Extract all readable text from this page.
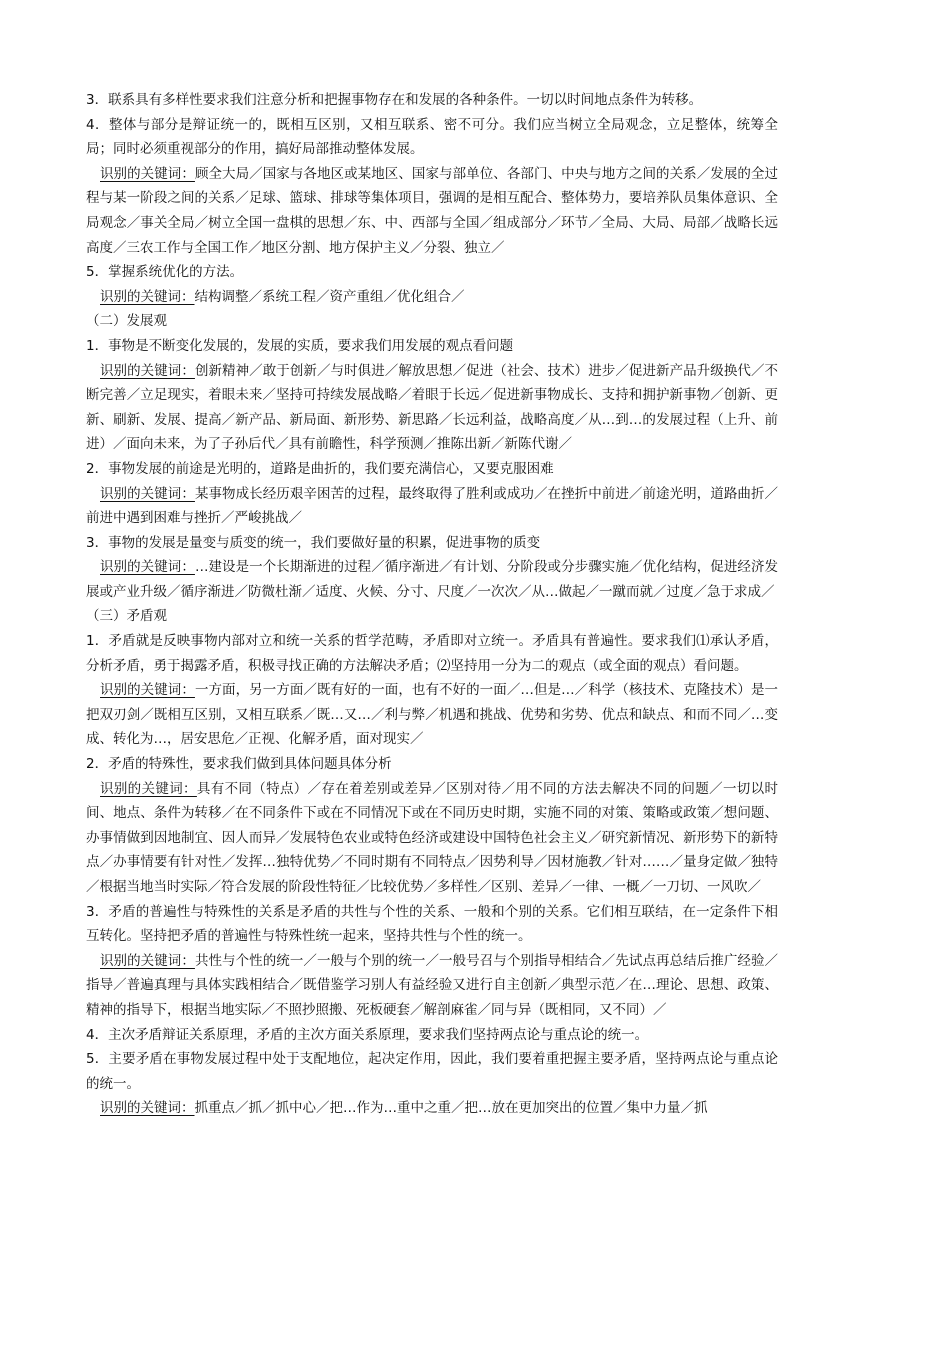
3．联系具有多样性要求我们注意分析和把握事物存在和发展的各种条件。一切以时间地点条件为转移。

4．整体与部分是辩证统一的，既相互区别，又相互联系、密不可分。我们应当树立全局观念，立足整体，统筹全局；同时必须重视部分的作用，搞好局部推动整体发展。

识别的关键词：顾全大局／国家与各地区或某地区、国家与部单位、各部门、中央与地方之间的关系／发展的全过程与某一阶段之间的关系／足球、篮球、排球等集体项目，强调的是相互配合、整体势力，要培养队员集体意识、全局观念／事关全局／树立全国一盘棋的思想／东、中、西部与全国／组成部分／环节／全局、大局、局部／战略长远高度／三农工作与全国工作／地区分割、地方保护主义／分裂、独立／

5．掌握系统优化的方法。

识别的关键词：结构调整／系统工程／资产重组／优化组合／

（二）发展观

1．事物是不断变化发展的，发展的实质，要求我们用发展的观点看问题

识别的关键词：创新精神／敢于创新／与时俱进／解放思想／促进（社会、技术）进步／促进新产品升级换代／不断完善／立足现实，着眼未来／坚持可持续发展战略／着眼于长远／促进新事物成长、支持和拥护新事物／创新、更新、刷新、发展、提高／新产品、新局面、新形势、新思路／长远利益，战略高度／从…到…的发展过程（上升、前进）／面向未来，为了子孙后代／具有前瞻性，科学预测／推陈出新／新陈代谢／

2．事物发展的前途是光明的，道路是曲折的，我们要充满信心，又要克服困难

识别的关键词：某事物成长经历艰辛困苦的过程，最终取得了胜利或成功／在挫折中前进／前途光明，道路曲折／前进中遇到困难与挫折／严峻挑战／

3．事物的发展是量变与质变的统一，我们要做好量的积累，促进事物的质变

识别的关键词：…建设是一个长期渐进的过程／循序渐进／有计划、分阶段或分步骤实施／优化结构，促进经济发展或产业升级／循序渐进／防微杜渐／适度、火候、分寸、尺度／一次次／从…做起／一蹴而就／过度／急于求成／

（三）矛盾观

1．矛盾就是反映事物内部对立和统一关系的哲学范畴，矛盾即对立统一。矛盾具有普遍性。要求我们⑴承认矛盾，分析矛盾，勇于揭露矛盾，积极寻找正确的方法解决矛盾；⑵坚持用一分为二的观点（或全面的观点）看问题。

识别的关键词：一方面，另一方面／既有好的一面，也有不好的一面／…但是…／科学（核技术、克隆技术）是一把双刃剑／既相互区别，又相互联系／既…又…／利与弊／机遇和挑战、优势和劣势、优点和缺点、和而不同／…变成、转化为…，居安思危／正视、化解矛盾，面对现实／

2．矛盾的特殊性，要求我们做到具体问题具体分析

识别的关键词：具有不同（特点）／存在着差别或差异／区别对待／用不同的方法去解决不同的问题／一切以时间、地点、条件为转移／在不同条件下或在不同情况下或在不同历史时期，实施不同的对策、策略或政策／想问题、办事情做到因地制宜、因人而异／发展特色农业或特色经济或建设中国特色社会主义／研究新情况、新形势下的新特点／办事情要有针对性／发挥…独特优势／不同时期有不同特点／因势利导／因材施教／针对……／量身定做／独特／根据当地当时实际／符合发展的阶段性特征／比较优势／多样性／区别、差异／一律、一概／一刀切、一风吹／

3．矛盾的普遍性与特殊性的关系是矛盾的共性与个性的关系、一般和个别的关系。它们相互联结，在一定条件下相互转化。坚持把矛盾的普遍性与特殊性统一起来，坚持共性与个性的统一。

识别的关键词：共性与个性的统一／一般与个别的统一／一般号召与个别指导相结合／先试点再总结后推广经验／指导／普遍真理与具体实践相结合／既借鉴学习别人有益经验又进行自主创新／典型示范／在…理论、思想、政策、精神的指导下，根据当地实际／不照抄照搬、死板硬套／解剖麻雀／同与异（既相同，又不同）／

4．主次矛盾辩证关系原理，矛盾的主次方面关系原理，要求我们坚持两点论与重点论的统一。

5．主要矛盾在事物发展过程中处于支配地位，起决定作用，因此，我们要着重把握主要矛盾，坚持两点论与重点论的统一。

识别的关键词：抓重点／抓／抓中心／把…作为…重中之重／把…放在更加突出的位置／集中力量／抓
